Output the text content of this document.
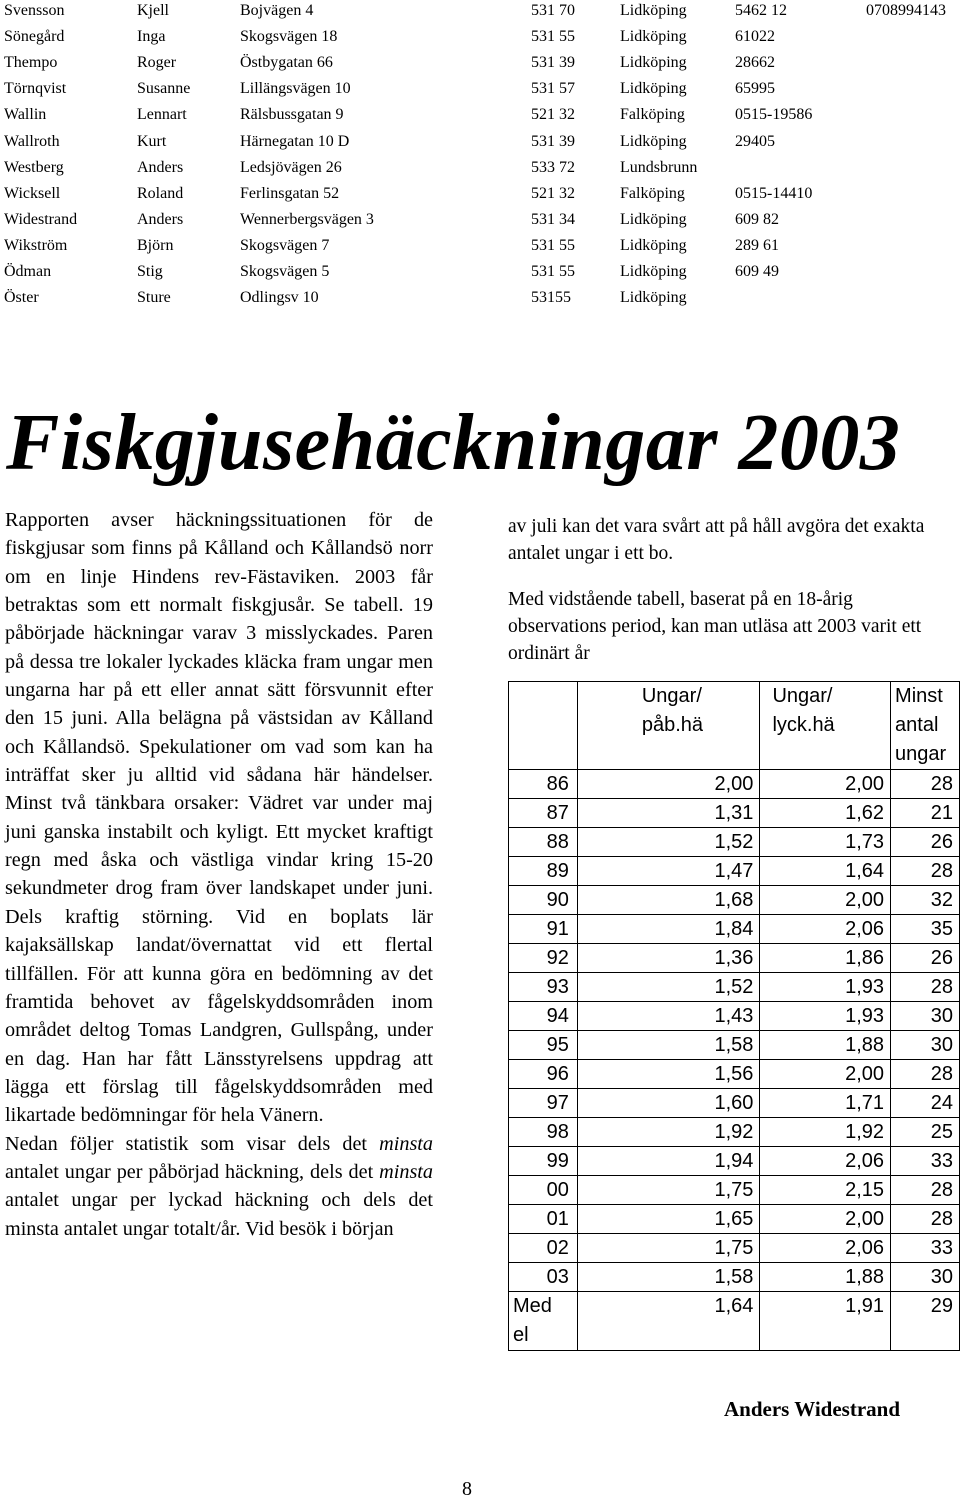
Svensson	Kjell	Bojvägen 4	531 70	Lidköping	5462 12	0708994143
Sönegård	Inga	Skogsvägen 18	531 55	Lidköping	61022
Thempo	Roger	Östbygatan 66	531 39	Lidköping	28662
Törnqvist	Susanne	Lillängsvägen 10	531 57	Lidköping	65995
Wallin	Lennart	Rälsbussgatan 9	521 32	Falköping	0515-19586
Wallroth	Kurt	Härnegatan 10 D	531 39	Lidköping	29405
Westberg	Anders	Ledsjövägen 26	533 72	Lundsbrunn
Wicksell	Roland	Ferlinsgatan 52	521 32	Falköping	0515-14410
Widestrand	Anders	Wennerbergsvägen 3	531 34	Lidköping	609 82
Wikström	Björn	Skogsvägen 7	531 55	Lidköping	289 61
Ödman	Stig	Skogsvägen 5	531 55	Lidköping	609 49
Öster	Sture	Odlingsv 10	53155	Lidköping
Fiskgjusehäckningar 2003

Rapporten avser häckningssituationen för de fiskgjusar som finns på Kålland och Kållandsö norr om en linje Hindens rev-Fästaviken. 2003 får betraktas som ett normalt fiskgjusår. Se tabell. 19 påbörjade häckningar varav 3 misslyckades. Paren på dessa tre lokaler lyckades kläcka fram ungar men ungarna har på ett eller annat sätt försvunnit efter den 15 juni. Alla belägna på västsidan av Kålland och Kållandsö. Spekulationer om vad som kan ha inträffat sker ju alltid vid sådana här händelser. Minst två tänkbara orsaker: Vädret var under maj juni ganska instabilt och kyligt. Ett mycket kraftigt regn med åska och västliga vindar kring 15-20 sekundmeter drog fram över landskapet under juni. Dels kraftig störning. Vid en boplats lär kajaksällskap landat/övernattat vid ett flertal tillfällen. För att kunna göra en bedömning av det framtida behovet av fågelskyddsområden inom området deltog Tomas Landgren, Gullspång, under en dag. Han har fått Länsstyrelsens uppdrag att lägga ett förslag till fågelskyddsområden med likartade bedömningar för hela Vänern.

Nedan följer statistik som visar dels det minsta antalet ungar per påbörjad häckning, dels det minsta antalet ungar per lyckad häckning och dels det minsta antalet ungar totalt/år. Vid besök i början

av juli kan det vara svårt att på håll avgöra det exakta antalet ungar i ett bo.

Med vidstående tabell, baserat på en 18-årig observations period, kan man utläsa att 2003 varit ett ordinärt år

	Ungar/	Ungar/	Minst
	påb.hä	lyck.hä	antal
			ungar
86	2,00	2,00	28
87	1,31	1,62	21
88	1,52	1,73	26
89	1,47	1,64	28
90	1,68	2,00	32
91	1,84	2,06	35
92	1,36	1,86	26
93	1,52	1,93	28
94	1,43	1,93	30
95	1,58	1,88	30
96	1,56	2,00	28
97	1,60	1,71	24
98	1,92	1,92	25
99	1,94	2,06	33
00	1,75	2,15	28
01	1,65	2,00	28
02	1,75	2,06	33
03	1,58	1,88	30
Med
el	1,64	1,91	29
Anders Widestrand
8
